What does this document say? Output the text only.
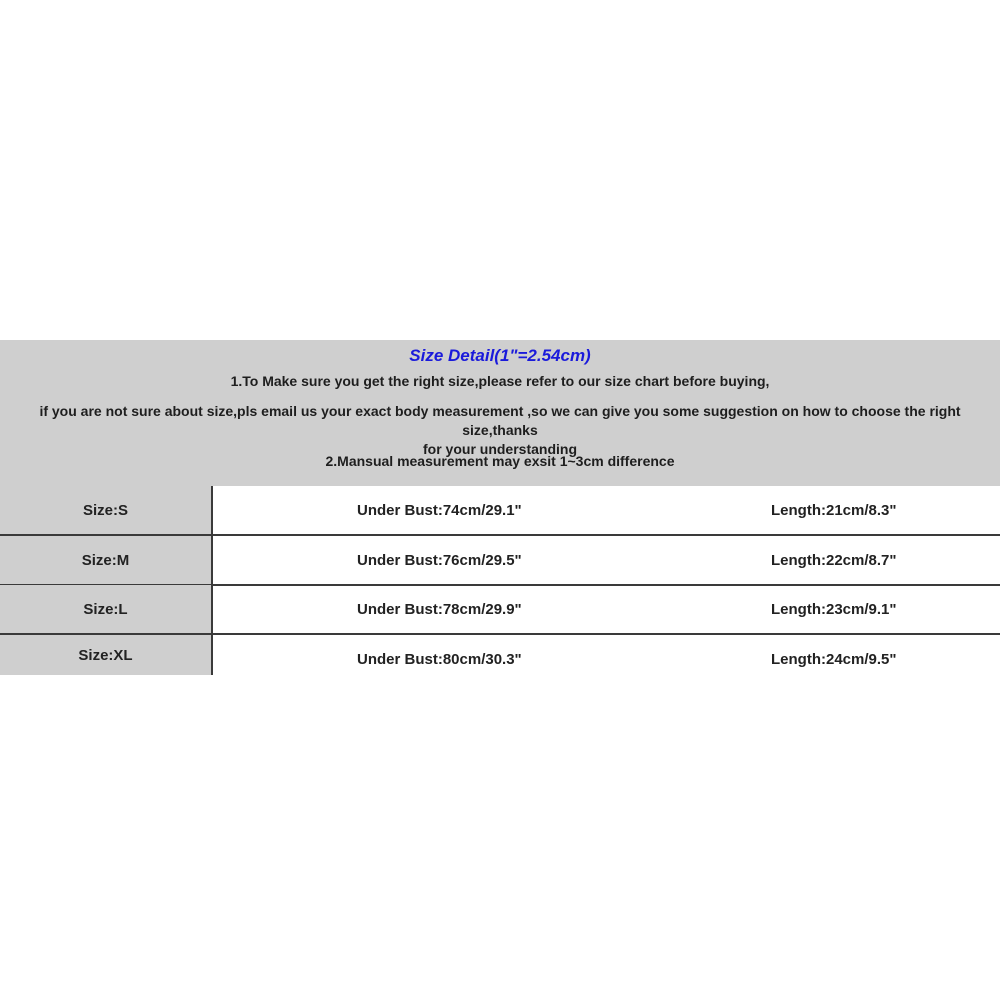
Size Detail(1"=2.54cm)
1.To Make sure you get the right size,please refer to our size chart before buying,
if you are not sure about size,pls email us your exact body measurement ,so we can give you some suggestion on how to choose the right size,thanks
for your understanding
2.Mansual measurement may exsit 1~3cm difference
Size:S	Under Bust:74cm/29.1"	Length:21cm/8.3"
Size:M	Under Bust:76cm/29.5"	Length:22cm/8.7"
Size:L	Under Bust:78cm/29.9"	Length:23cm/9.1"
Size:XL	Under Bust:80cm/30.3"	Length:24cm/9.5"
